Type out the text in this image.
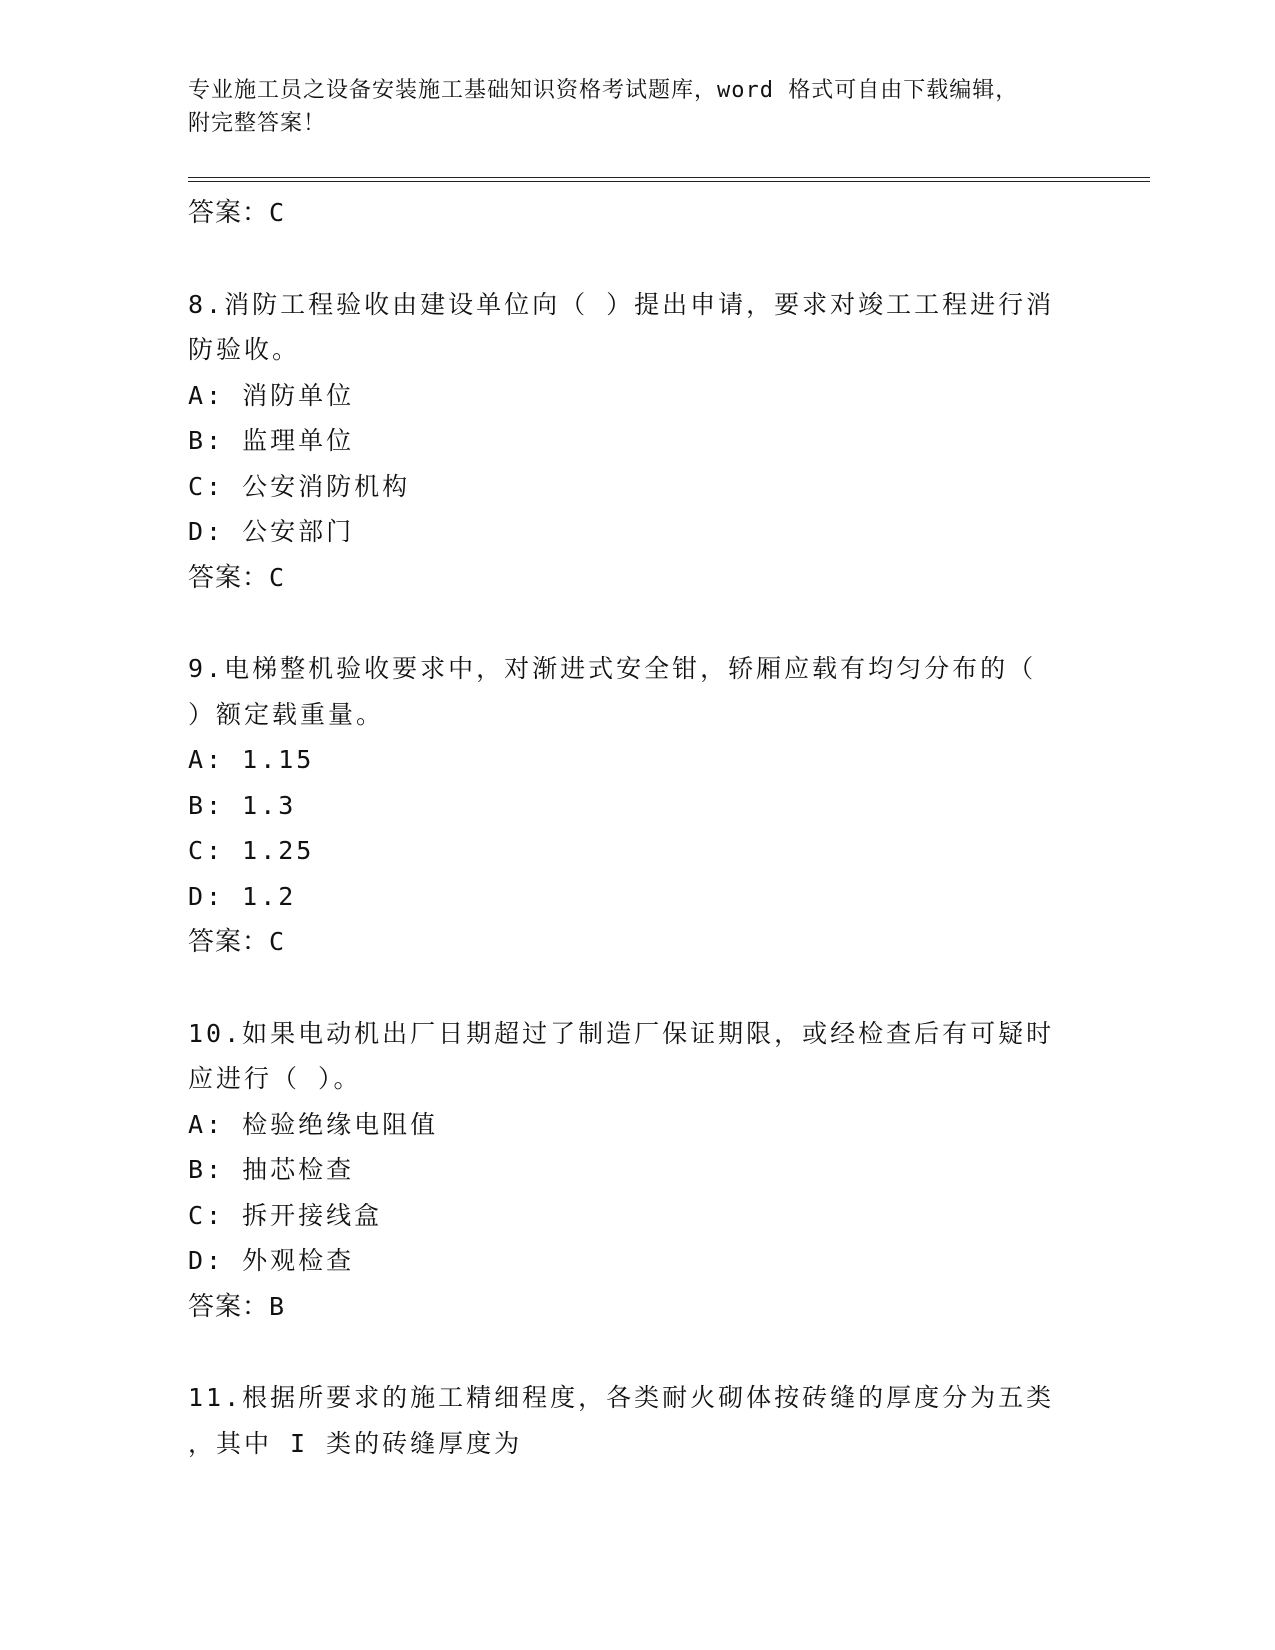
专业施工员之设备安装施工基础知识资格考试题库，word 格式可自由下载编辑，
附完整答案！
答案：C
8.消防工程验收由建设单位向（ ）提出申请，要求对竣工工程进行消
防验收。
A: 消防单位
B: 监理单位
C: 公安消防机构
D: 公安部门
答案：C
9.电梯整机验收要求中，对渐进式安全钳，轿厢应载有均匀分布的（
）额定载重量。
A: 1.15
B: 1.3
C: 1.25
D: 1.2
答案：C
10.如果电动机出厂日期超过了制造厂保证期限，或经检查后有可疑时
应进行（ ）。
A: 检验绝缘电阻值
B: 抽芯检查
C: 拆开接线盒
D: 外观检查
答案：B
11.根据所要求的施工精细程度，各类耐火砌体按砖缝的厚度分为五类
，其中 I 类的砖缝厚度为
